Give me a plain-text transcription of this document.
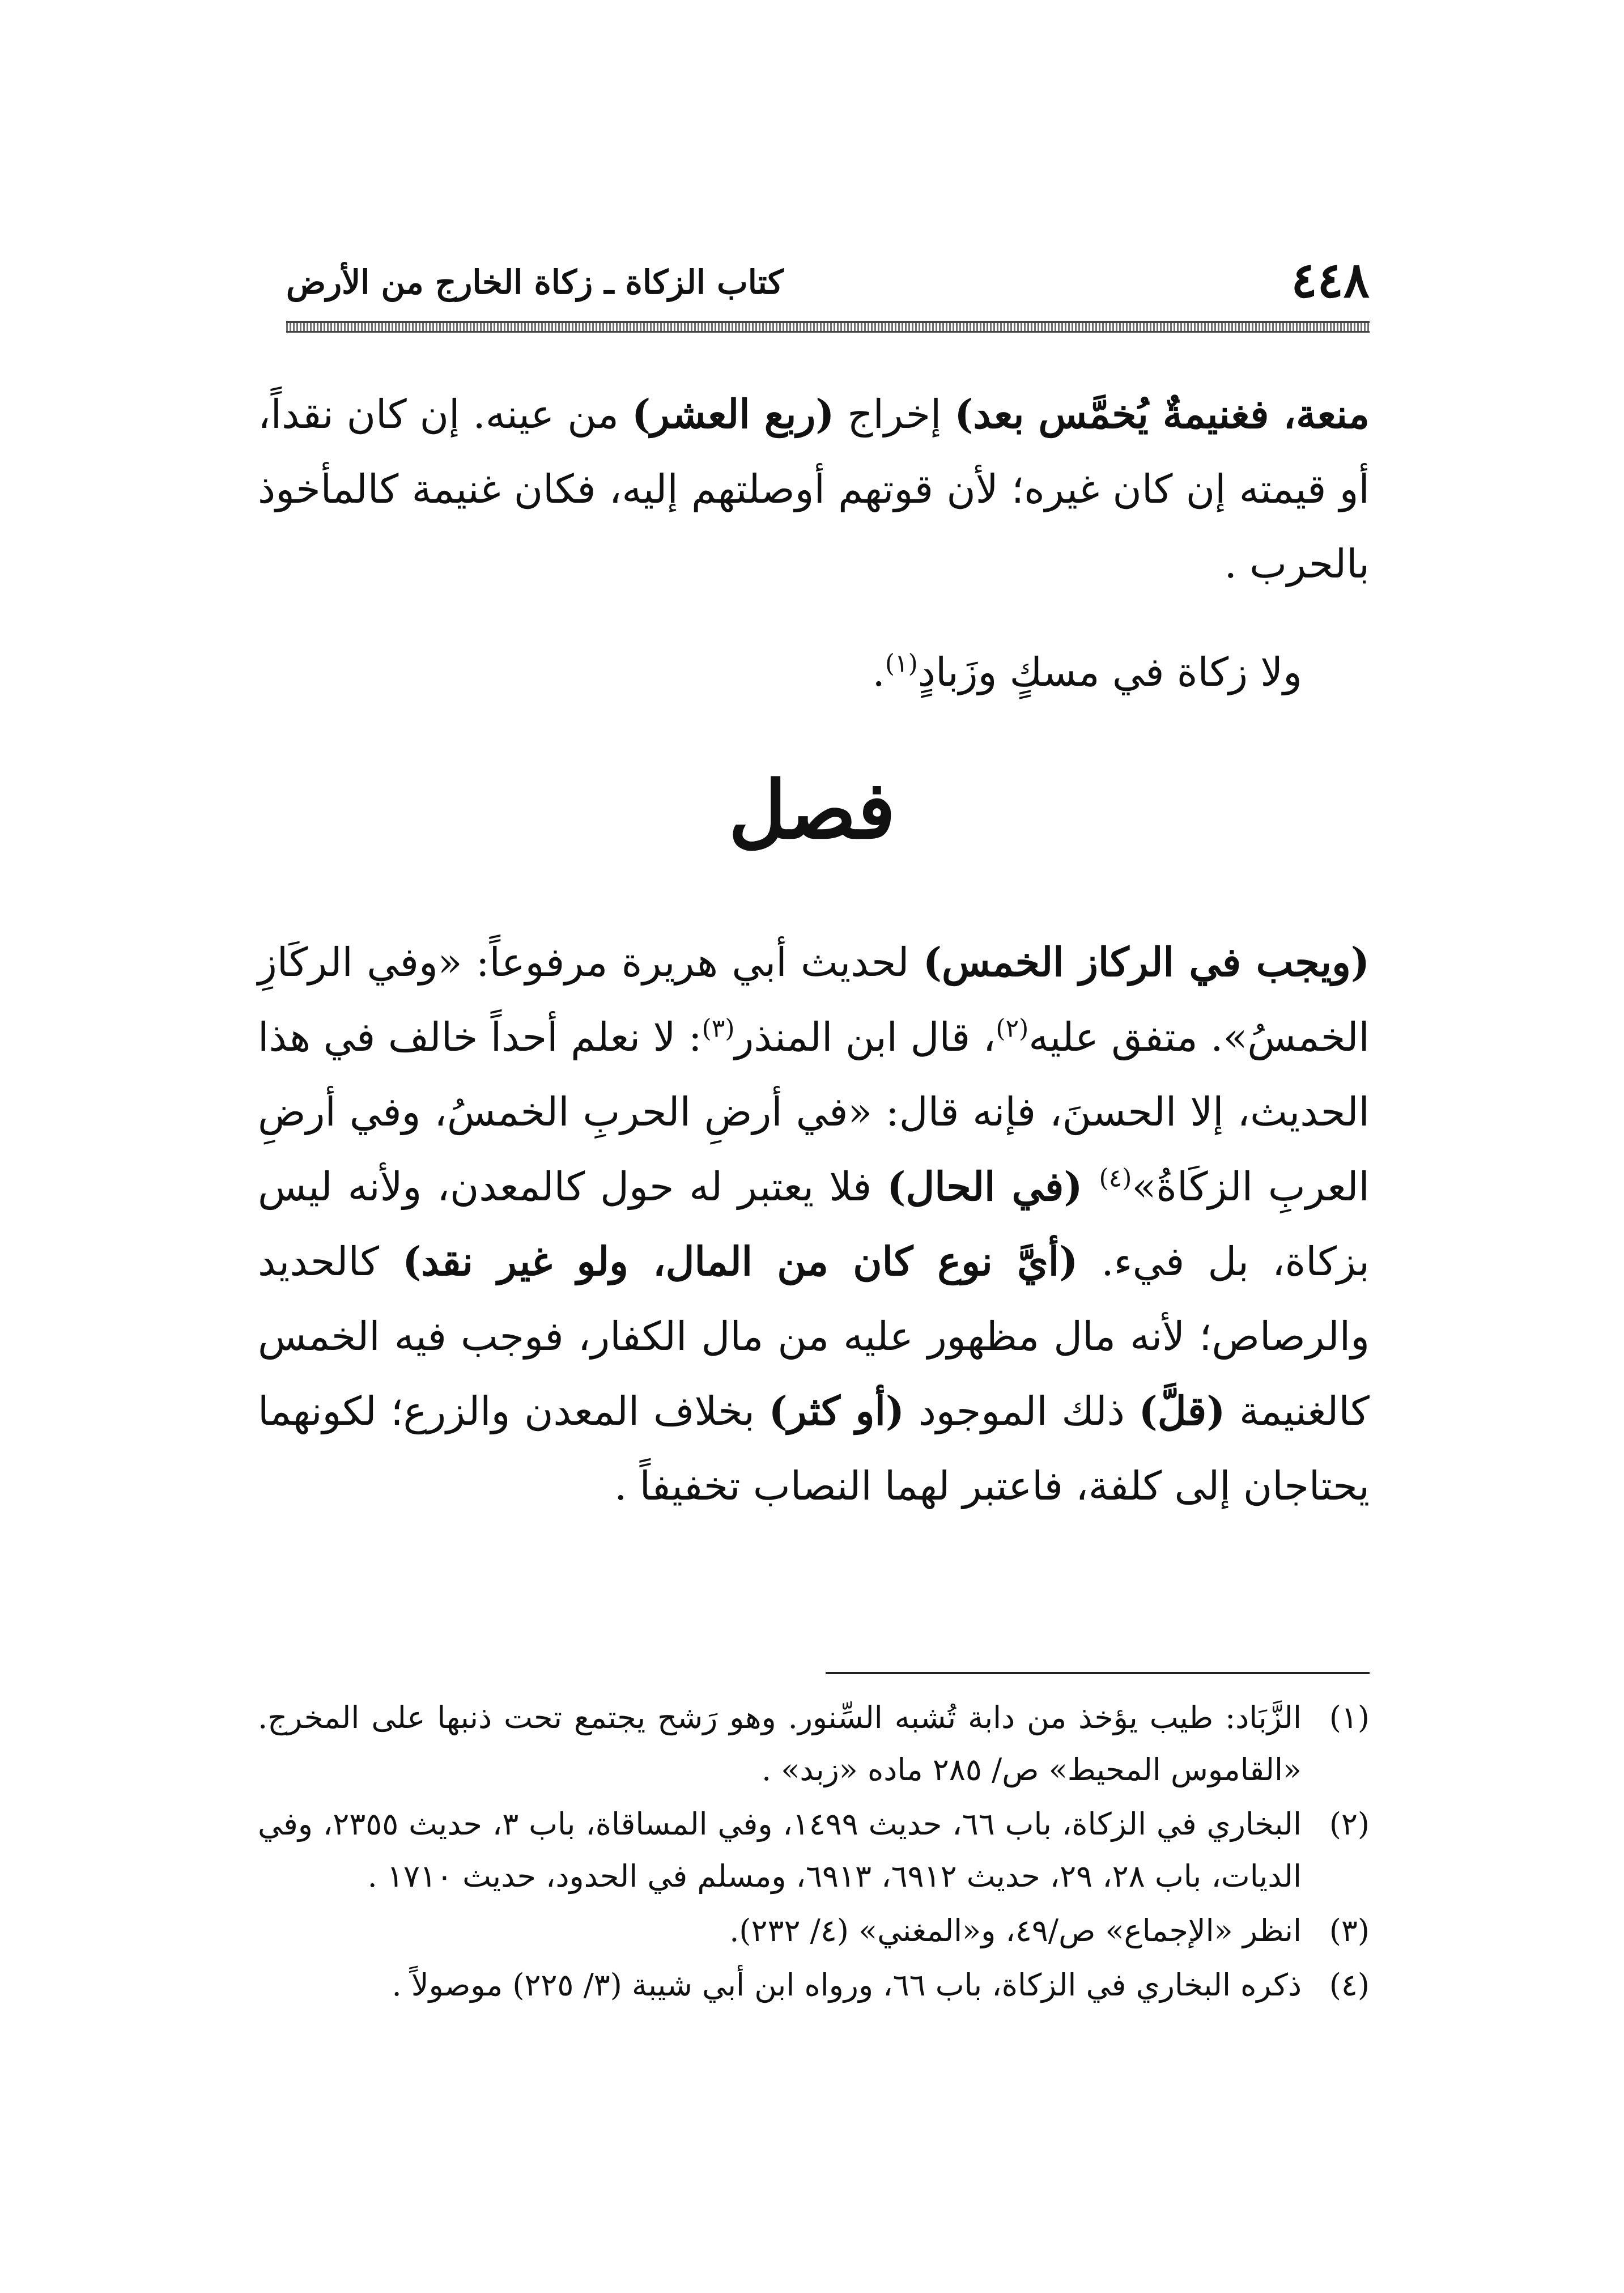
٤٤٨
كتاب الزكاة ـ زكاة الخارج من الأرض

منعة، فغنيمةٌ يُخمَّس بعد) إخراج (ربع العشر) من عينه. إن كان نقداً، أو قيمته إن كان غيره؛ لأن قوتهم أوصلتهم إليه، فكان غنيمة كالمأخوذ بالحرب .

ولا زكاة في مسكٍ وزَبادٍ$^{(١)}$.

فصل

(ويجب في الركاز الخمس) لحديث أبي هريرة مرفوعاً: «وفي الركَازِ الخمسُ». متفق عليه$^{(٢)}$، قال ابن المنذر$^{(٣)}$: لا نعلم أحداً خالف في هذا الحديث، إلا الحسنَ، فإنه قال: «في أرضِ الحربِ الخمسُ، وفي أرضِ العربِ الزكَاةُ»$^{(٤)}$ (في الحال) فلا يعتبر له حول كالمعدن، ولأنه ليس بزكاة، بل فيء. (أيَّ نوع كان من المال، ولو غير نقد) كالحديد والرصاص؛ لأنه مال مظهور عليه من مال الكفار، فوجب فيه الخمس كالغنيمة (قلَّ) ذلك الموجود (أو كثر) بخلاف المعدن والزرع؛ لكونهما يحتاجان إلى كلفة، فاعتبر لهما النصاب تخفيفاً .

(١)
الزَّبَاد: طيب يؤخذ من دابة تُشبه السِّنور. وهو رَشح يجتمع تحت ذنبها على المخرج. «القاموس المحيط» ص/ ٢٨٥ ماده «زبد» .
(٢)
البخاري في الزكاة، باب ٦٦، حديث ١٤٩٩، وفي المساقاة، باب ٣، حديث ٢٣٥٥، وفي الديات، باب ٢٨، ٢٩، حديث ٦٩١٢، ٦٩١٣، ومسلم في الحدود، حديث ١٧١٠ .
(٣)
انظر «الإجماع» ص/٤٩، و«المغني» (٤/ ٢٣٢).
(٤)
ذكره البخاري في الزكاة، باب ٦٦، ورواه ابن أبي شيبة (٣/ ٢٢٥) موصولاً .
